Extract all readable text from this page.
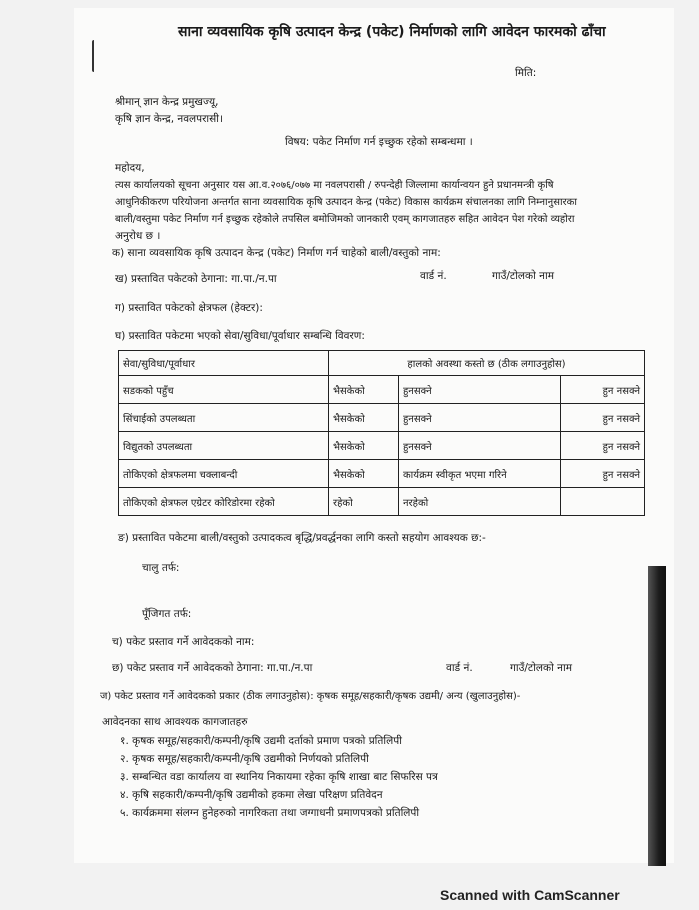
साना व्यवसायिक कृषि उत्पादन केन्द्र (पकेट) निर्माणको लागि आवेदन फारमको ढाँचा
मिति:
श्रीमान् ज्ञान केन्द्र प्रमुखज्यू,
कृषि ज्ञान केन्द्र, नवलपरासी।
विषय: पकेट निर्माण गर्न इच्छुक रहेको सम्बन्धमा ।
महोदय,
त्यस कार्यालयको सूचना अनुसार यस आ.व.२०७६/०७७ मा नवलपरासी / रुपन्देही जिल्लामा कार्यान्वयन हुने प्रधानमन्त्री कृषि
आधुनिकीकरण परियोजना अन्तर्गत साना व्यवसायिक कृषि उत्पादन केन्द्र (पकेट) विकास कार्यक्रम संचालनका लागि निम्नानुसारका
बाली/वस्तुमा पकेट निर्माण गर्न इच्छुक रहेकोले तपसिल बमोजिमको जानकारी एवम् कागजातहरु सहित आवेदन पेश गरेको व्यहोरा
अनुरोध छ ।
क) साना व्यवसायिक कृषि उत्पादन केन्द्र (पकेट) निर्माण गर्न चाहेको बाली/वस्तुको नाम:
ख) प्रस्तावित पकेटको ठेगाना: गा.पा./न.पा	वार्ड नं.	गाउँ/टोलको नाम
ग) प्रस्तावित पकेटको क्षेत्रफल (हेक्टर):
घ) प्रस्तावित पकेटमा भएको सेवा/सुविधा/पूर्वाधार सम्बन्धि विवरण:
सेवा/सुविधा/पूर्वाधार	हालको अवस्था कस्तो छ (ठीक लगाउनुहोस)		
सडकको पहुँच	भैसकेको	हुनसक्ने	हुन नसक्ने
सिंचाईको उपलब्धता	भैसकेको	हुनसक्ने	हुन नसक्ने
विद्युतको उपलब्धता	भैसकेको	हुनसक्ने	हुन नसक्ने
तोकिएको क्षेत्रफलमा चक्लाबन्दी	भैसकेको	कार्यक्रम स्वीकृत भएमा गरिने	हुन नसक्ने
तोकिएको क्षेत्रफल एग्रेटर कोरिडोरमा रहेको	रहेको	नरहेको	
ङ) प्रस्तावित पकेटमा बाली/वस्तुको उत्पादकत्व बृद्धि/प्रवर्द्धनका लागि कस्तो सहयोग आवश्यक छ:-
चालु तर्फ:
पूँजिगत तर्फ:
च) पकेट प्रस्ताव गर्ने आवेदकको नाम:
छ) पकेट प्रस्ताव गर्ने आवेदकको ठेगाना: गा.पा./न.पा	वार्ड नं.	गाउँ/टोलको नाम
ज) पकेट प्रस्ताव गर्ने आवेदकको प्रकार (ठीक लगाउनुहोस): कृषक समूह/सहकारी/कृषक उद्यमी/ अन्य (खुलाउनुहोस)-
आवेदनका साथ आवश्यक कागजातहरु
१. कृषक समूह/सहकारी/कम्पनी/कृषि उद्यमी दर्ताको प्रमाण पत्रको प्रतिलिपी
२. कृषक समूह/सहकारी/कम्पनी/कृषि उद्यमीको निर्णयको प्रतिलिपी
३. सम्बन्धित वडा कार्यालय वा स्थानिय निकायमा रहेका कृषि शाखा बाट सिफरिस पत्र
४. कृषि सहकारी/कम्पनी/कृषि उद्यमीको हकमा लेखा परिक्षण प्रतिवेदन
५. कार्यक्रममा संलग्न हुनेहरुको नागरिकता तथा जग्गाधनी प्रमाणपत्रको प्रतिलिपी
Scanned with CamScanner
